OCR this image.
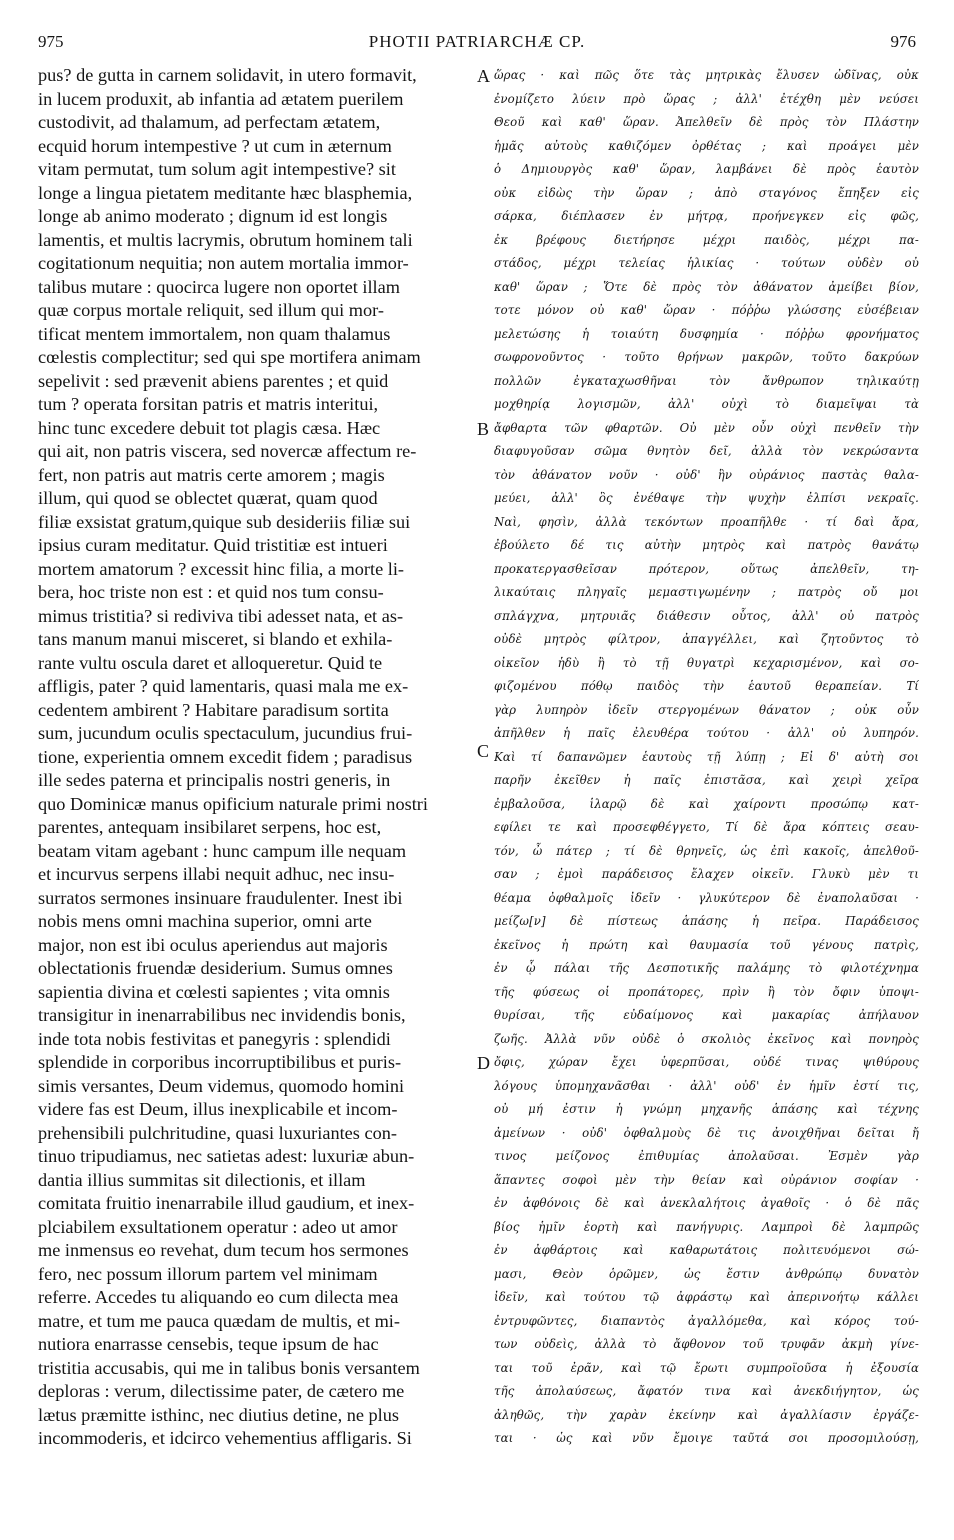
975	PHOTII PATRIARCHÆ CP.	976
pus? de gutta in carnem solidavit, in utero formavit,
in lucem produxit, ab infantia ad ætatem puerilem
custodivit, ad thalamum, ad perfectam ætatem,
ecquid horum intempestive ? ut cum in æternum
vitam permutat, tum solum agit intempestive? sit
longe a lingua pietatem meditante hæc blasphemia,
longe ab animo moderato ; dignum id est longis
lamentis, et multis lacrymis, obrutum hominem tali
cogitationum nequitia; non autem mortalia immor-
talibus mutare : quocirca lugere non oportet illam
quæ corpus mortale reliquit, sed illum qui mor-
tificat mentem immortalem, non quam thalamus
cœlestis complectitur; sed qui spe mortifera animam
sepelivit : sed prævenit abiens parentes ; et quid
tum ? operata forsitan patris et matris interitui,
hinc tunc excedere debuit tot plagis cæsa. Hæc
qui ait, non patris viscera, sed novercæ affectum re-
fert, non patris aut matris certe amorem ; magis
illum, qui quod se oblectet quærat, quam quod
filiæ exsistat gratum,quique sub desideriis filiæ sui
ipsius curam meditatur. Quid tristitiæ est intueri
mortem amatorum ? excessit hinc filia, a morte li-
bera, hoc triste non est : et quid nos tum consu-
mimus tristitia? si rediviva tibi adesset nata, et as-
tans manum manui misceret, si blando et exhila-
rante vultu oscula daret et alloqueretur. Quid te
affligis, pater ? quid lamentaris, quasi mala me ex-
cedentem ambirent ? Habitare paradisum sortita
sum, jucundum oculis spectaculum, jucundius frui-
tione, experientia omnem excedit fidem ; paradisus
ille sedes paterna et principalis nostri generis, in
quo Dominicæ manus opificium naturale primi nostri
parentes, antequam insibilaret serpens, hoc est,
beatam vitam agebant : hunc campum ille nequam
et incurvus serpens illabi nequit adhuc, nec insu-
surratos sermones insinuare fraudulenter. Inest ibi
nobis mens omni machina superior, omni arte
major, non est ibi oculus aperiendus aut majoris
oblectationis fruendæ desiderium. Sumus omnes
sapientia divina et cœlesti sapientes ; vita omnis
transigitur in inenarrabilibus nec invidendis bonis,
inde tota nobis festivitas et panegyris : splendidi
splendide in corporibus incorruptibilibus et puris-
simis versantes, Deum videmus, quomodo homini
videre fas est Deum, illus inexplicabile et incom-
prehensibili pulchritudine, quasi luxuriantes con-
tinuo tripudiamus, nec satietas adest: luxuriæ abun-
dantia illius summitas sit dilectionis, et illam
comitata fruitio inenarrabile illud gaudium, et inex-
plciabilem exsultationem operatur : adeo ut amor
me inmensus eo revehat, dum tecum hos sermones
fero, nec possum illorum partem vel minimam
referre. Accedes tu aliquando eo cum dilecta mea
matre, et tum me pauca quædam de multis, et mi-
nutiora enarrasse censebis, teque ipsum de hac
tristitia accusabis, qui me in talibus bonis versantem
deploras : verum, dilectissime pater, de cætero me
lætus præmitte isthinc, nec diutius detine, ne plus
incommoderis, et idcirco vehementius affligaris. Si
ὥρας · καὶ πῶς ὅτε τὰς μητρικὰς ἔλυσεν ὠδῖνας, οὐκ
ἐνομίζετο λύειν πρὸ ὥρας ; ἀλλ' ἐτέχθη μὲν νεύσει
Θεοῦ καὶ καθ' ὥραν. Ἀπελθεῖν δὲ πρὸς τὸν Πλάστην
ἡμᾶς αὐτοὺς καθιζόμεν ὀρθέτας ; καὶ προάγει μὲν
ὁ Δημιουργὸς καθ' ὥραν, λαμβάνει δὲ πρὸς ἑαυτὸν
οὐκ εἰδὼς τὴν ὥραν ; ἀπὸ σταγόνος ἔπηξεν εἰς
σάρκα, διέπλασεν ἐν μήτρᾳ, προήνεγκεν εἰς φῶς,
ἐκ βρέφους διετήρησε μέχρι παιδὸς, μέχρι πα-
στάδος, μέχρι τελείας ἡλικίας · τούτων οὐδὲν οὐ
καθ' ὥραν ; Ὅτε δὲ πρὸς τὸν ἀθάνατον ἀμείβει βίον,
τοτε μόνον οὐ καθ' ὥραν · πόῤῥω γλώσσης εὐσέβειαν
μελετώσης ἡ τοιαύτη δυσφημία · πόῤῥω φρονήματος
σωφρονοῦντος · τοῦτο θρήνων μακρῶν, τοῦτο δακρύων
πολλῶν ἐγκαταχωσθῆναι τὸν ἄνθρωπον τηλικαύτῃ
μοχθηρίᾳ λογισμῶν, ἀλλ' οὐχὶ τὸ διαμεῖψαι τὰ
ἄφθαρτα τῶν φθαρτῶν. Οὐ μὲν οὖν οὐχὶ πενθεῖν τὴν
διαφυγοῦσαν σῶμα θνητὸν δεῖ, ἀλλὰ τὸν νεκρώσαντα
τὸν ἀθάνατον νοῦν · οὐδ' ἣν οὐράνιος παστὰς θαλα-
μεύει, ἀλλ' ὃς ἐνέθαψε τὴν ψυχὴν ἐλπίσι νεκραῖς.
Ναὶ, φησὶν, ἀλλὰ τεκόντων προαπῆλθε · τί δαὶ ἄρα,
ἐβούλετο δέ τις αὐτὴν μητρὸς καὶ πατρὸς θανάτῳ
προκατεργασθεῖσαν πρότερον, οὕτως ἀπελθεῖν, τη-
λικαύταις πληγαῖς μεμαστιγωμένην ; πατρὸς οὔ μοι
σπλάγχνα, μητρυιᾶς διάθεσιν οὗτος, ἀλλ' οὐ πατρὸς
οὐδὲ μητρὸς φίλτρον, ἀπαγγέλλει, καὶ ζητοῦντος τὸ
οἰκεῖον ἡδὺ ἢ τὸ τῇ θυγατρὶ κεχαρισμένον, καὶ σο-
φιζομένου πόθῳ παιδὸς τὴν ἑαυτοῦ θεραπείαν. Τί
γὰρ λυπηρὸν ἰδεῖν στεργομένων θάνατον ; οὐκ οὖν
ἀπῆλθεν ἡ παῖς ἐλευθέρα τούτου · ἀλλ' οὐ λυπηρόν.
Καὶ τί δαπανῶμεν ἑαυτοὺς τῇ λύπῃ ; Εἰ δ' αὐτὴ σοι
παρῆν ἐκεῖθεν ἡ παῖς ἐπιστᾶσα, καὶ χειρὶ χεῖρα
ἐμβαλοῦσα, ἱλαρῷ δὲ καὶ χαίροντι προσώπῳ κατ-
εφίλει τε καὶ προσεφθέγγετο, Τί δὲ ἄρα κόπτεις σεαυ-
τόν, ὦ πάτερ ; τί δὲ θρηνεῖς, ὡς ἐπὶ κακοῖς, ἀπελθοῦ-
σαν ; ἐμοὶ παράδεισος ἔλαχεν οἰκεῖν. Γλυκὺ μὲν τι
θέαμα ὀφθαλμοῖς ἰδεῖν · γλυκύτερον δὲ ἐναπολαῦσαι ·
μείζω[ν] δὲ πίστεως ἁπάσης ἡ πεῖρα. Παράδεισος
ἐκεῖνος ἡ πρώτη καὶ θαυμασία τοῦ γένους πατρὶς,
ἐν ᾧ πάλαι τῆς Δεσποτικῆς παλάμης τὸ φιλοτέχνημα
τῆς φύσεως οἱ προπάτορες, πρὶν ἢ τὸν ὄφιν ὑποψι-
θυρίσαι, τῆς εὐδαίμονος καὶ μακαρίας ἀπήλαυον
ζωῆς. Ἀλλὰ νῦν οὐδὲ ὁ σκολιὸς ἐκεῖνος καὶ πονηρὸς
ὄφις, χώραν ἔχει ὑφερπῦσαι, οὐδέ τινας ψιθύρους
λόγους ὑπομηχανᾶσθαι · ἀλλ' οὐδ' ἐν ἡμῖν ἐστί τις,
οὐ μή ἐστιν ἡ γνώμη μηχανῆς ἁπάσης καὶ τέχνης
ἀμείνων · οὐδ' ὀφθαλμοὺς δὲ τις ἀνοιχθῆναι δεῖται ἤ
τινος μείζονος ἐπιθυμίας ἀπολαῦσαι. Ἐσμὲν γὰρ
ἅπαντες σοφοὶ μὲν τὴν θείαν καὶ οὐράνιον σοφίαν ·
ἐν ἀφθόνοις δὲ καὶ ἀνεκλαλήτοις ἀγαθοῖς · ὁ δὲ πᾶς
βίος ἡμῖν ἑορτὴ καὶ πανήγυρις. Λαμπροὶ δὲ λαμπρῶς
ἐν ἀφθάρτοις καὶ καθαρωτάτοις πολιτευόμενοι σώ-
μασι, Θεὸν ὁρῶμεν, ὡς ἔστιν ἀνθρώπῳ δυνατὸν
ἰδεῖν, καὶ τούτου τῷ ἀφράστῳ καὶ ἀπερινοήτῳ κάλλει
ἐντρυφῶντες, διαπαντὸς ἀγαλλόμεθα, καὶ κόρος τού-
των οὐδεὶς, ἀλλὰ τὸ ἄφθονον τοῦ τρυφᾶν ἀκμὴ γίνε-
ται τοῦ ἐρᾶν, καὶ τῷ ἔρωτι συμπροϊοῦσα ἡ ἐξουσία
τῆς ἀπολαύσεως, ἄφατόν τινα καὶ ἀνεκδιήγητον, ὡς
ἀληθῶς, τὴν χαρὰν ἐκείνην καὶ ἀγαλλίασιν ἐργάζε-
ται · ὡς καὶ νῦν ἔμοιγε ταῦτά σοι προσομιλούσῃ,
A
B
C
D
